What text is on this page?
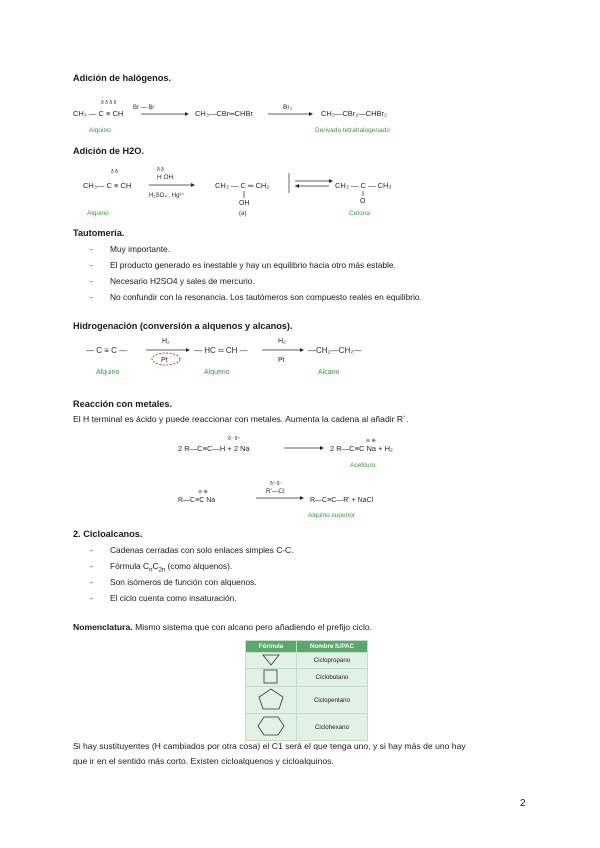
Adición de halógenos.
CH₃ — C ≡ CH
Br — Br
δ δ δ δ
Alquino
CH₃—CBr═CHBr
Br₂
CH₃—CBr₂—CHBr₂
Derivado tetrahalogenado
Adición de H2O.
CH₃— C ≡ CH
δ δ
H OH
δ δ
H₂SO₄ , Hg²⁺
Alquino
CH₃ — C ═ CH₂
OH
(a)
CH₃ — C — CH₃
O
Cetona
Tautomería.
- Muy importante.
- El producto generado es inestable y hay un equilibrio hacia otro más estable.
- Necesario H2SO4 y sales de mercurio.
- No confundir con la resonancia. Los tautómeros son compuesto reales en equilibrio.
Hidrogenación (conversión a alquenos y alcanos).
— C ≡ C —
H₂
Pt
Alquino
— HC ═ CH —
H₂
Pt
Alqueno
—CH₂—CH₂—
Alcano
Reacción con metales.
El H terminal es ácido y puede reaccionar con metales. Aumenta la cadena al añadir R´.
2 R—C≡C—H + 2 Na	2 R—C≡C Na + H₂
⊖ ⊕
δ⁻ δ⁺
Acetiluro
R—C≡C Na
⊖ ⊕	R'—Cl
δ⁺ δ⁻
R—C≡C—R' + NaCl
Alquino superior
2. Cicloalcanos.
- Cadenas cerradas con solo enlaces simples C-C.
- Fórmula $C_nC_{2n}$ (como alquenos).
- Son isómeros de función con alquenos.
- El ciclo cuenta como insaturación.
Nomenclatura. Mismo sistema que con alcano pero añadiendo el prefijo ciclo.
Fórmula	Nombre IUPAC
	Ciclopropano
	Ciclobutano
	Ciclopentano
	Ciclohexano
Si hay sustituyentes (H cambiados por otra cosa) el C1 será el que tenga uno, y si hay más de uno hay
que ir en el sentido más corto. Existen cicloalquenos y cicloalquinos.
2
